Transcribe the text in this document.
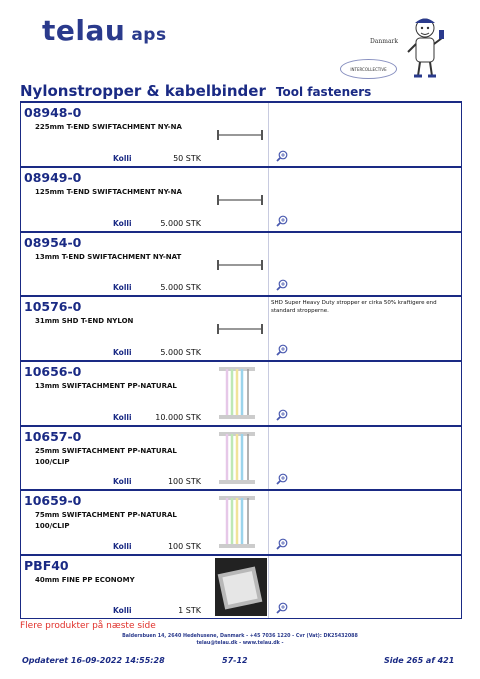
telau aps	Danmark
INTERCOLLECTIVE
Nylonstropper & kabelbinder Tool fasteners
08948-0
225mm T-END SWIFTACHMENT NY-NA
Kolli	50 STK
08949-0
125mm T-END SWIFTACHMENT NY-NA
Kolli	5.000 STK
08954-0
13mm T-END SWIFTACHMENT NY-NAT
Kolli	5.000 STK
10576-0
31mm SHD T-END NYLON
Kolli	5.000 STK
SHD Super Heavy Duty stropper er cirka 50% kraftigere end standard stropperne.
10656-0
13mm SWIFTACHMENT PP-NATURAL
Kolli	10.000 STK
10657-0
25mm SWIFTACHMENT PP-NATURAL
100/CLIP
Kolli	100 STK
10659-0
75mm SWIFTACHMENT PP-NATURAL
100/CLIP
Kolli	100 STK
PBF40
40mm FINE PP ECONOMY
Kolli	1 STK
Flere produkter på næste side
Baldersbuen 14, 2640 Hedehusene, Danmark - +45 7036 1220 - Cvr (Vat): DK25432088
telau@telau.dk - www.telau.dk -
Opdateret 16-09-2022 14:55:28	57-12	Side 265 af 421
